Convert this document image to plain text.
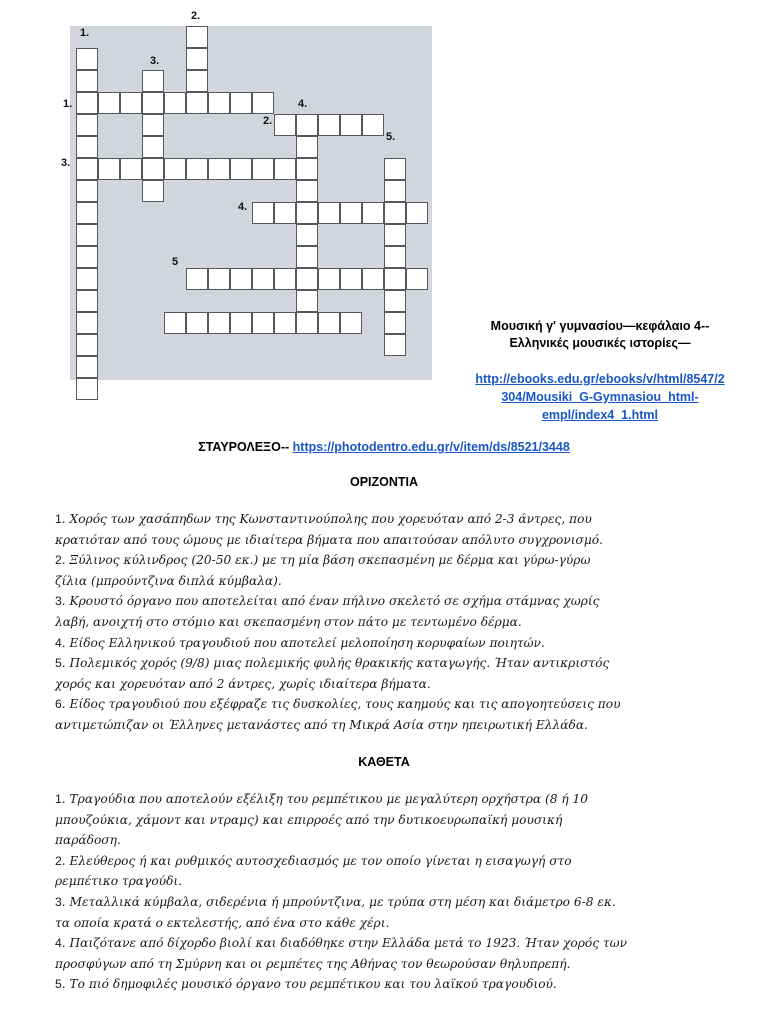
1.
2.
3.
4.
5.
1.
2.
3.
4.
5
Μουσική γ' γυμνασίου—κεφάλαιο 4--
Ελληνικές μουσικές ιστορίες—
http://ebooks.edu.gr/ebooks/v/html/8547/2
304/Mousiki_G-Gymnasiou_html-
empl/index4_1.html
ΣΤΑΥΡΟΛΕΞΟ-- https://photodentro.edu.gr/v/item/ds/8521/3448
ΟΡΙΖΟΝΤΙΑ
1. Χορός των χασάπηδων της Κωνσταντινούπολης που χορευόταν από 2-3 άντρες, που
κρατιόταν από τους ώμους με ιδιαίτερα βήματα που απαιτούσαν απόλυτο συγχρονισμό.
2. Ξύλινος κύλινδρος (20-50 εκ.) με τη μία βάση σκεπασμένη με δέρμα και γύρω-γύρω
ζίλια (μπρούντζινα διπλά κύμβαλα).
3. Κρουστό όργανο που αποτελείται από έναν πήλινο σκελετό σε σχήμα στάμνας χωρίς
λαβή, ανοιχτή στο στόμιο και σκεπασμένη στον πάτο με τεντωμένο δέρμα.
4. Είδος Ελληνικού τραγουδιού που αποτελεί μελοποίηση κορυφαίων ποιητών.
5. Πολεμικός χορός (9/8) μιας πολεμικής φυλής θρακικής καταγωγής. Ήταν αντικριστός
χορός και χορευόταν από 2 άντρες, χωρίς ιδιαίτερα βήματα.
6. Είδος τραγουδιού που εξέφραζε τις δυσκολίες, τους καημούς και τις απογοητεύσεις που
αντιμετώπιζαν οι Έλληνες μετανάστες από τη Μικρά Ασία στην ηπειρωτική Ελλάδα.
ΚΑΘΕΤΑ
1. Τραγούδια που αποτελούν εξέλιξη του ρεμπέτικου με μεγαλύτερη ορχήστρα (8 ή 10
μπουζούκια, χάμοντ και ντραμς) και επιρροές από την δυτικοευρωπαϊκή μουσική
παράδοση.
2. Ελεύθερος ή και ρυθμικός αυτοσχεδιασμός με τον οποίο γίνεται η εισαγωγή στο
ρεμπέτικο τραγούδι.
3. Μεταλλικά κύμβαλα, σιδερένια ή μπρούντζινα, με τρύπα στη μέση και διάμετρο 6-8 εκ.
τα οποία κρατά ο εκτελεστής, από ένα στο κάθε χέρι.
4. Παιζότανε από δίχορδο βιολί και διαδόθηκε στην Ελλάδα μετά το 1923. Ήταν χορός των
προσφύγων από τη Σμύρνη και οι ρεμπέτες της Αθήνας τον θεωρούσαν θηλυπρεπή.
5. Το πιό δημοφιλές μουσικό όργανο του ρεμπέτικου και του λαϊκού τραγουδιού.
